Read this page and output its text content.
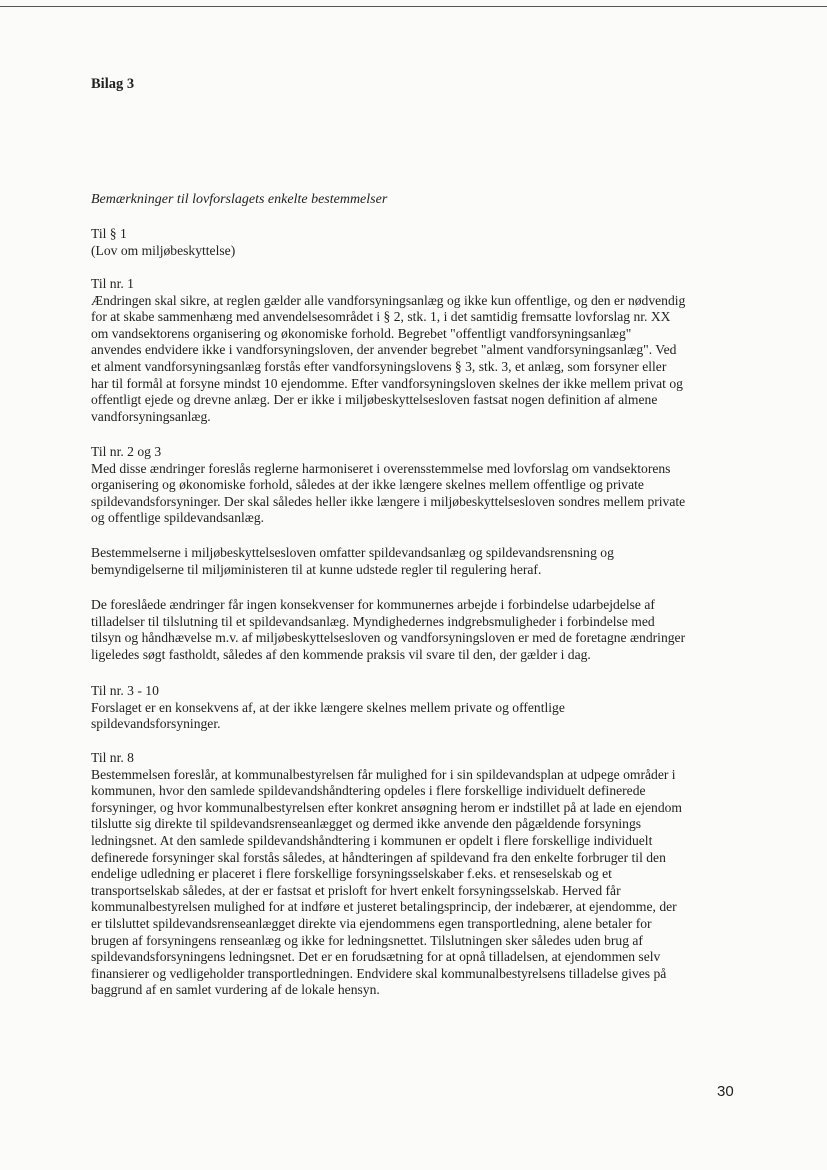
Bilag 3
Bemærkninger til lovforslagets enkelte bestemmelser
Til § 1
(Lov om miljøbeskyttelse)
Til nr. 1
Ændringen skal sikre, at reglen gælder alle vandforsyningsanlæg og ikke kun offentlige, og den er nødvendig
for at skabe sammenhæng med anvendelsesområdet i § 2, stk. 1, i det samtidig fremsatte lovforslag nr. XX
om vandsektorens organisering og økonomiske forhold. Begrebet "offentligt vandforsyningsanlæg"
anvendes endvidere ikke i vandforsyningsloven, der anvender begrebet "alment vandforsyningsanlæg". Ved
et alment vandforsyningsanlæg forstås efter vandforsyningslovens § 3, stk. 3, et anlæg, som forsyner eller
har til formål at forsyne mindst 10 ejendomme. Efter vandforsyningsloven skelnes der ikke mellem privat og
offentligt ejede og drevne anlæg. Der er ikke i miljøbeskyttelsesloven fastsat nogen definition af almene
vandforsyningsanlæg.
Til nr. 2 og 3
Med disse ændringer foreslås reglerne harmoniseret i overensstemmelse med lovforslag om vandsektorens
organisering og økonomiske forhold, således at der ikke længere skelnes mellem offentlige og private
spildevandsforsyninger. Der skal således heller ikke længere i miljøbeskyttelsesloven sondres mellem private
og offentlige spildevandsanlæg.
Bestemmelserne i miljøbeskyttelsesloven omfatter spildevandsanlæg og spildevandsrensning og
bemyndigelserne til miljøministeren til at kunne udstede regler til regulering heraf.
De foreslåede ændringer får ingen konsekvenser for kommunernes arbejde i forbindelse udarbejdelse af
tilladelser til tilslutning til et spildevandsanlæg. Myndighedernes indgrebsmuligheder i forbindelse med
tilsyn og håndhævelse m.v. af miljøbeskyttelsesloven og vandforsyningsloven er med de foretagne ændringer
ligeledes søgt fastholdt, således af den kommende praksis vil svare til den, der gælder i dag.
Til nr. 3 - 10
Forslaget er en konsekvens af, at der ikke længere skelnes mellem private og offentlige
spildevandsforsyninger.
Til nr. 8
Bestemmelsen foreslår, at kommunalbestyrelsen får mulighed for i sin spildevandsplan at udpege områder i
kommunen, hvor den samlede spildevandshåndtering opdeles i flere forskellige individuelt definerede
forsyninger, og hvor kommunalbestyrelsen efter konkret ansøgning herom er indstillet på at lade en ejendom
tilslutte sig direkte til spildevandsrenseanlægget og dermed ikke anvende den pågældende forsynings
ledningsnet. At den samlede spildevandshåndtering i kommunen er opdelt i flere forskellige individuelt
definerede forsyninger skal forstås således, at håndteringen af spildevand fra den enkelte forbruger til den
endelige udledning er placeret i flere forskellige forsyningsselskaber f.eks. et renseselskab og et
transportselskab således, at der er fastsat et prisloft for hvert enkelt forsyningsselskab. Herved får
kommunalbestyrelsen mulighed for at indføre et justeret betalingsprincip, der indebærer, at ejendomme, der
er tilsluttet spildevandsrenseanlægget direkte via ejendommens egen transportledning, alene betaler for
brugen af forsyningens renseanlæg og ikke for ledningsnettet. Tilslutningen sker således uden brug af
spildevandsforsyningens ledningsnet. Det er en forudsætning for at opnå tilladelsen, at ejendommen selv
finansierer og vedligeholder transportledningen. Endvidere skal kommunalbestyrelsens tilladelse gives på
baggrund af en samlet vurdering af de lokale hensyn.
30
